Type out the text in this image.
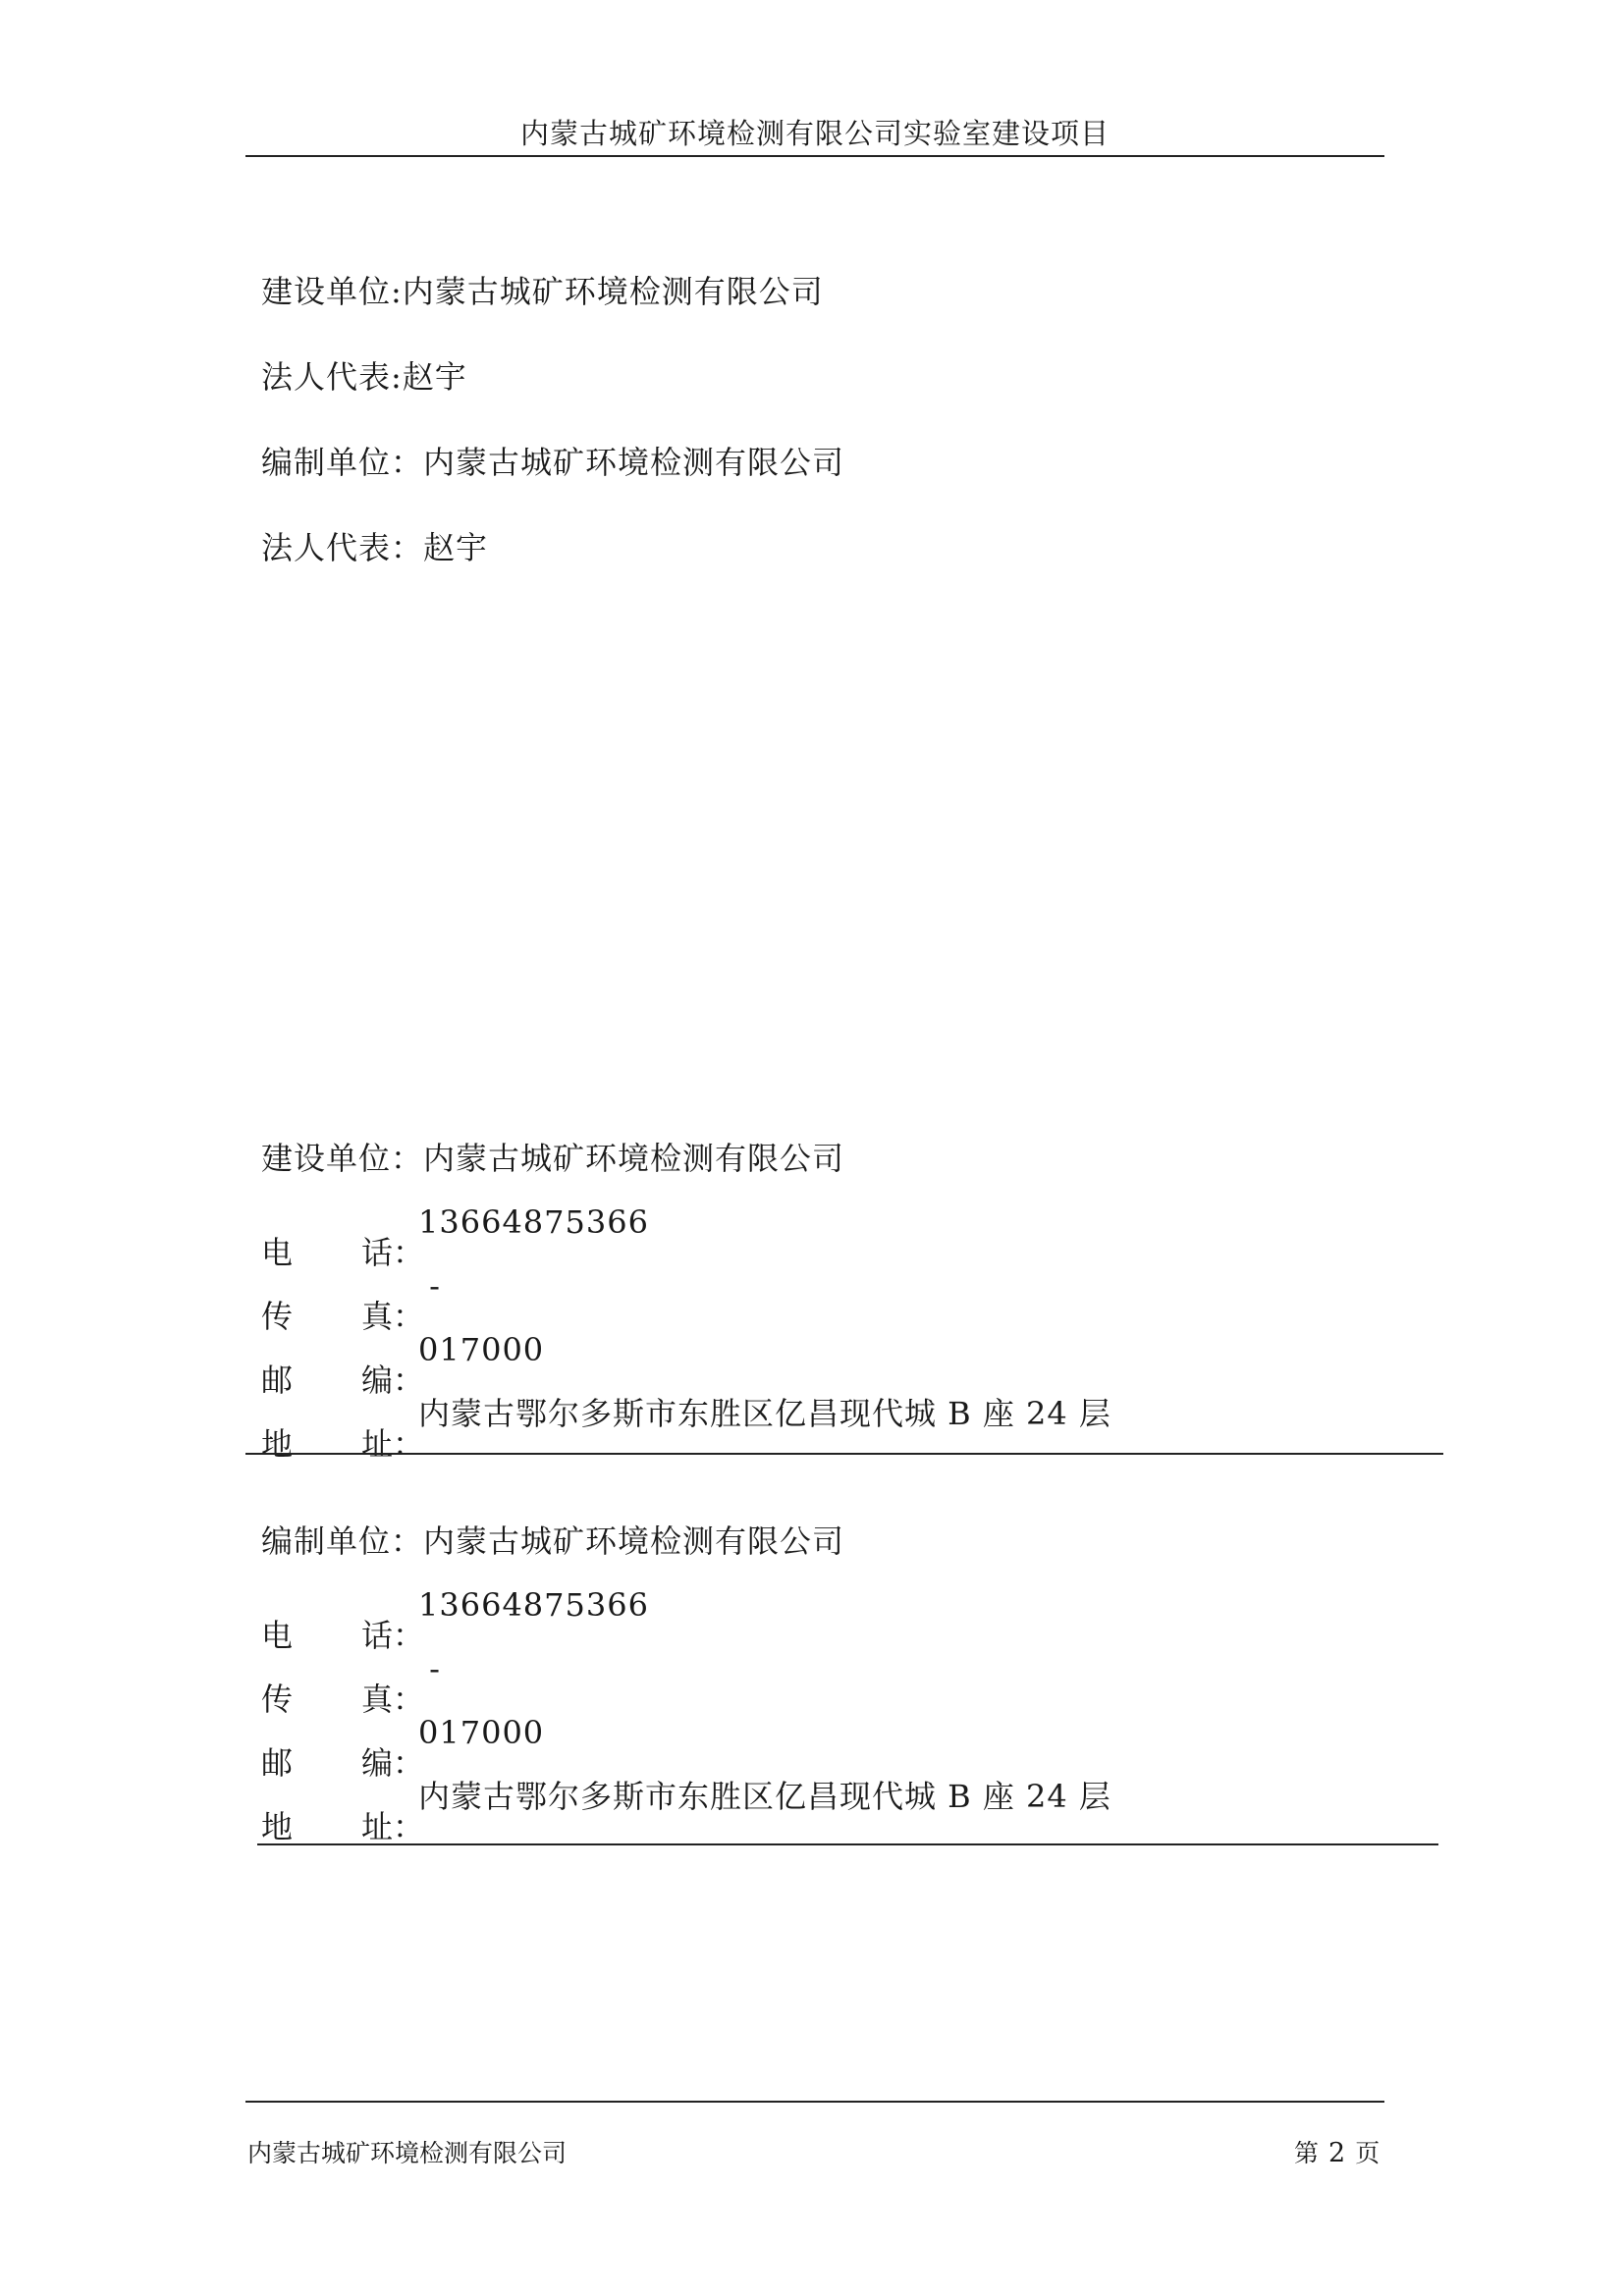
内蒙古城矿环境检测有限公司实验室建设项目
建设单位:内蒙古城矿环境检测有限公司
法人代表:赵宇
编制单位：内蒙古城矿环境检测有限公司
法人代表：赵宇
建设单位：内蒙古城矿环境检测有限公司
电 话
：
13664875366
传 真
：
-
邮 编
：
017000
地 址
：
内蒙古鄂尔多斯市东胜区亿昌现代城 B 座 24 层
编制单位：内蒙古城矿环境检测有限公司
电 话
：
13664875366
传 真
：
-
邮 编
：
017000
地 址
：
内蒙古鄂尔多斯市东胜区亿昌现代城 B 座 24 层
内蒙古城矿环境检测有限公司	第 2 页
